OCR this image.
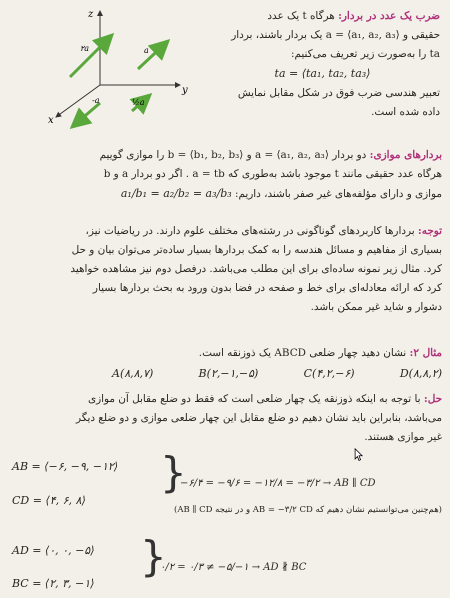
z
y
x
۲a	a
-a	½a
ضرب یک عدد در بردار: هرگاه t یک عدد
حقیقی و a = ⟨a₁, a₂, a₃⟩ یک بردار باشند، بردار
ta را به‌صورت زیر تعریف می‌کنیم:
ta = ⟨ta₁, ta₂, ta₃⟩
تعبیر هندسی ضرب فوق در شکل مقابل نمایش
داده شده است.
بردارهای موازی: دو بردار a = ⟨a₁, a₂, a₃⟩ و b = ⟨b₁, b₂, b₃⟩ را موازی گوییم
هرگاه عدد حقیقی مانند t موجود باشد به‌طوری که a = tb . اگر دو بردار a و b
موازی و دارای مؤلفه‌های غیر صفر باشند، داریم: a₁/b₁ = a₂/b₂ = a₃/b₃
توجه: بردارها کاربردهای گوناگونی در رشته‌های مختلف علوم دارند. در ریاضیات نیز،
بسیاری از مفاهیم و مسائل هندسه را به کمک بردارها بسیار ساده‌تر می‌توان بیان و حل
کرد. مثال زیر نمونه ساده‌ای برای این مطلب می‌باشد. درفصل دوم نیز مشاهده خواهید
کرد که ارائه معادله‌ای برای خط و صفحه در فضا بدون ورود به بحث بردارها بسیار
دشوار و شاید غیر ممکن باشد.
مثال ۲: نشان دهید چهار ضلعی ABCD یک ذوزنقه است.
A(۸,۸,۷)	B(۲,−۱,−۵)	C(۴,۲,−۶)	D(۸,۸,۲)
حل: با توجه به اینکه ذوزنقه یک چهار ضلعی است که فقط دو ضلع مقابل آن موازی
می‌باشد، بنابراین باید نشان دهیم دو ضلع مقابل این چهار ضلعی موازی و دو ضلع دیگر
غیر موازی هستند.
AB = ⟨−۶, −۹, −۱۲⟩
CD = ⟨۴, ۶, ۸⟩
}
−۶/۴ = −۹/۶ = −۱۲/۸ = −۳/۲ → AB ∥ CD
(هم‌چنین می‌توانستیم نشان دهیم که AB = −۳/۲ CD و در نتیجه AB ∥ CD)
AD = ⟨۰, ۰, −۵⟩
BC = ⟨۲, ۳, −۱⟩
}
۰/۲ = ۰/۳ ≠ −۵/−۱ → AD ∦ BC
